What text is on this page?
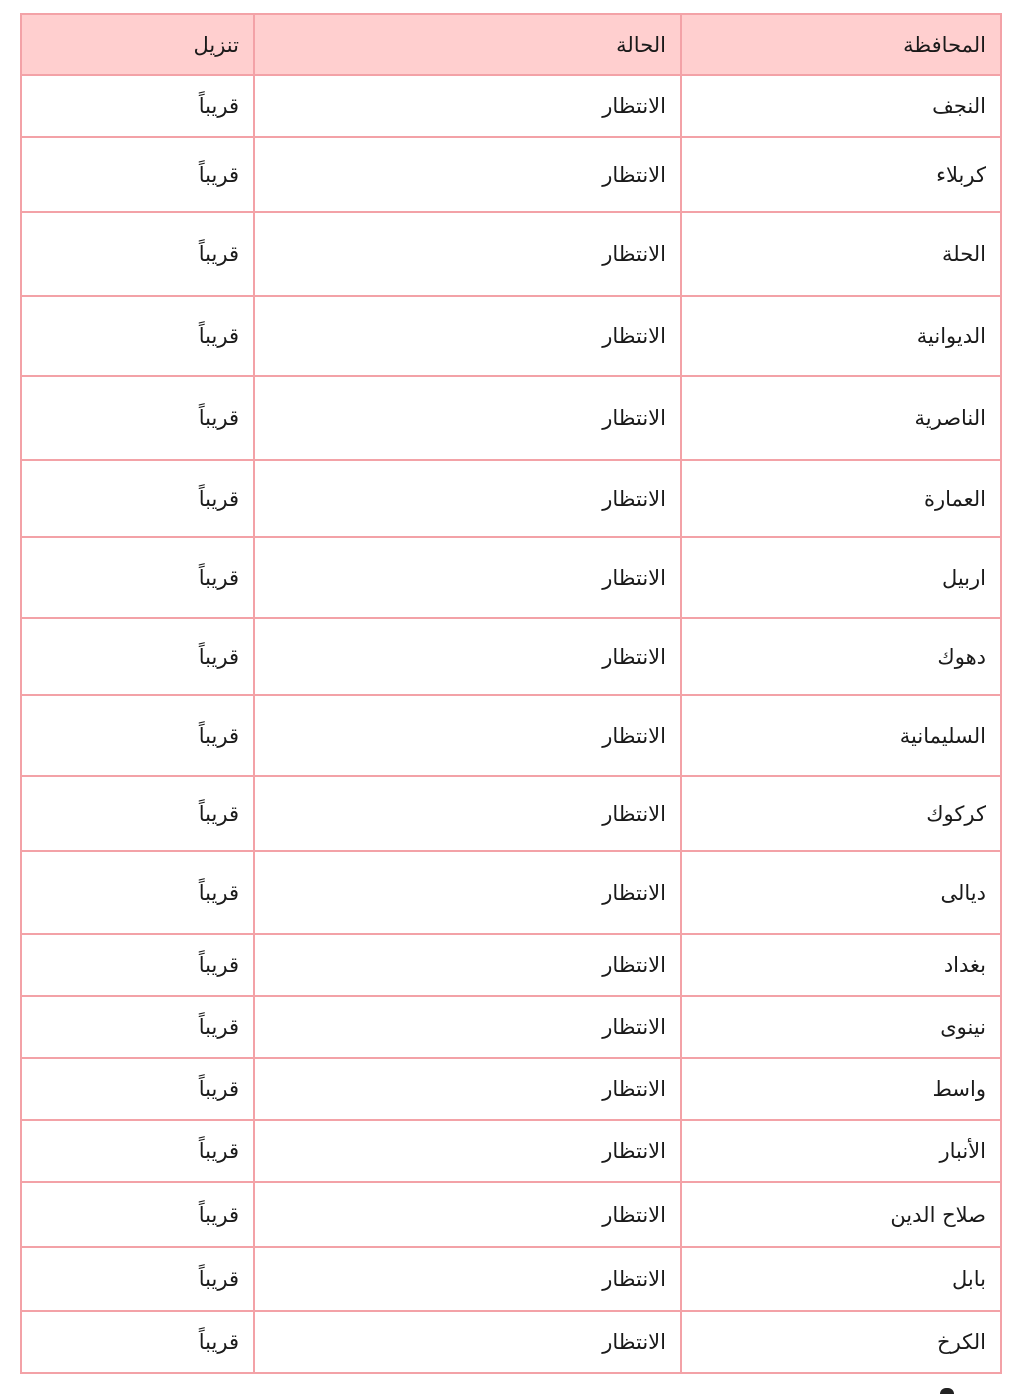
المحافظة	الحالة	تنزيل
النجف	الانتظار	قريباً
كربلاء	الانتظار	قريباً
الحلة	الانتظار	قريباً
الديوانية	الانتظار	قريباً
الناصرية	الانتظار	قريباً
العمارة	الانتظار	قريباً
اربيل	الانتظار	قريباً
دهوك	الانتظار	قريباً
السليمانية	الانتظار	قريباً
كركوك	الانتظار	قريباً
ديالى	الانتظار	قريباً
بغداد	الانتظار	قريباً
نينوى	الانتظار	قريباً
واسط	الانتظار	قريباً
الأنبار	الانتظار	قريباً
صلاح الدين	الانتظار	قريباً
بابل	الانتظار	قريباً
الكرخ	الانتظار	قريباً
